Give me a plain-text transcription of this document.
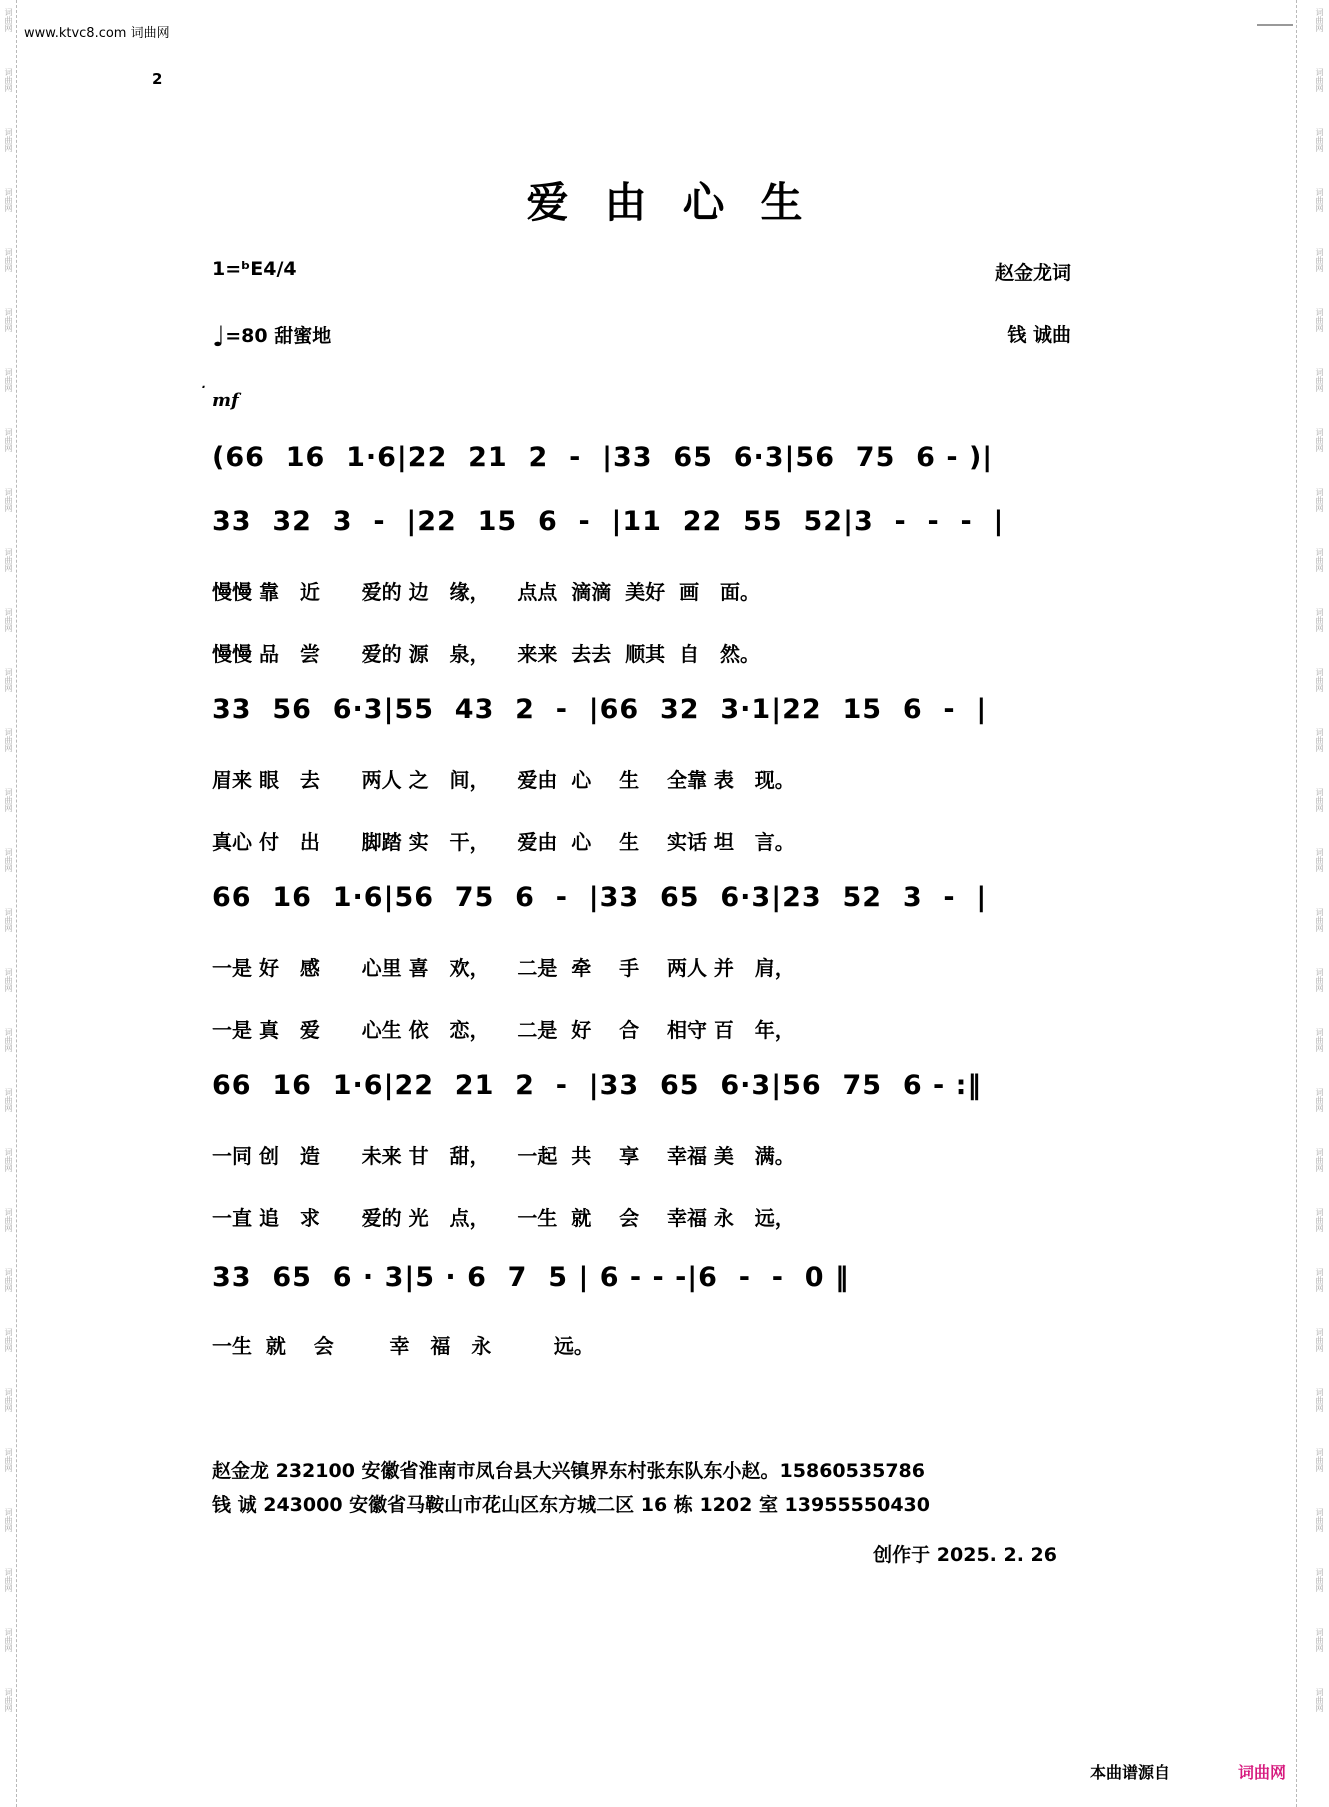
www.ktvc8.com 词曲网
2
爱由心生
1=ᵇE4/4
♩=80 甜蜜地
赵金龙词
钱 诚曲
‧ mf
(66  16  1·6|22  21  2  -  |33  65  6·3|56  75  6 - )|
33  32  3  -  |22  15  6  -  |11  22  55  52|3  -  -  -  |
慢慢 靠   近      爱的 边   缘，    点点  滴滴  美好  画   面。
慢慢 品   尝      爱的 源   泉，    来来  去去  顺其  自   然。
33  56  6·3|55  43  2  -  |66  32  3·1|22  15  6  -  |
眉来 眼   去      两人 之   间，    爱由  心    生    全靠 表   现。
真心 付   出      脚踏 实   干，    爱由  心    生    实话 坦   言。
66  16  1·6|56  75  6  -  |33  65  6·3|23  52  3  -  |
一是 好   感      心里 喜   欢，    二是  牵    手    两人 并   肩，
一是 真   爱      心生 依   恋，    二是  好    合    相守 百   年，
66  16  1·6|22  21  2  -  |33  65  6·3|56  75  6 - :‖
一同 创   造      未来 甘   甜，    一起  共    享    幸福 美   满。
一直 追   求      爱的 光   点，    一生  就    会    幸福 永   远，
33  65  6 · 3|5 · 6  7  5 | 6 - - -|6  -  -  0 ‖
一生  就    会        幸   福   永         远。
赵金龙 232100 安徽省淮南市凤台县大兴镇界东村张东队东小赵。15860535786
钱 诚 243000 安徽省马鞍山市花山区东方城二区 16 栋 1202 室 13955550430
创作于 2025. 2. 26
本曲谱源自	词曲网
词曲网
词曲网
词曲网
词曲网
词曲网
词曲网
词曲网
词曲网
词曲网
词曲网
词曲网
词曲网
词曲网
词曲网
词曲网
词曲网
词曲网
词曲网
词曲网
词曲网
词曲网
词曲网
词曲网
词曲网
词曲网
词曲网
词曲网
词曲网
词曲网
词曲网
词曲网
词曲网
词曲网
词曲网
词曲网
词曲网
词曲网
词曲网
词曲网
词曲网
词曲网
词曲网
词曲网
词曲网
词曲网
词曲网
词曲网
词曲网
词曲网
词曲网
词曲网
词曲网
词曲网
词曲网
词曲网
词曲网
词曲网
词曲网
